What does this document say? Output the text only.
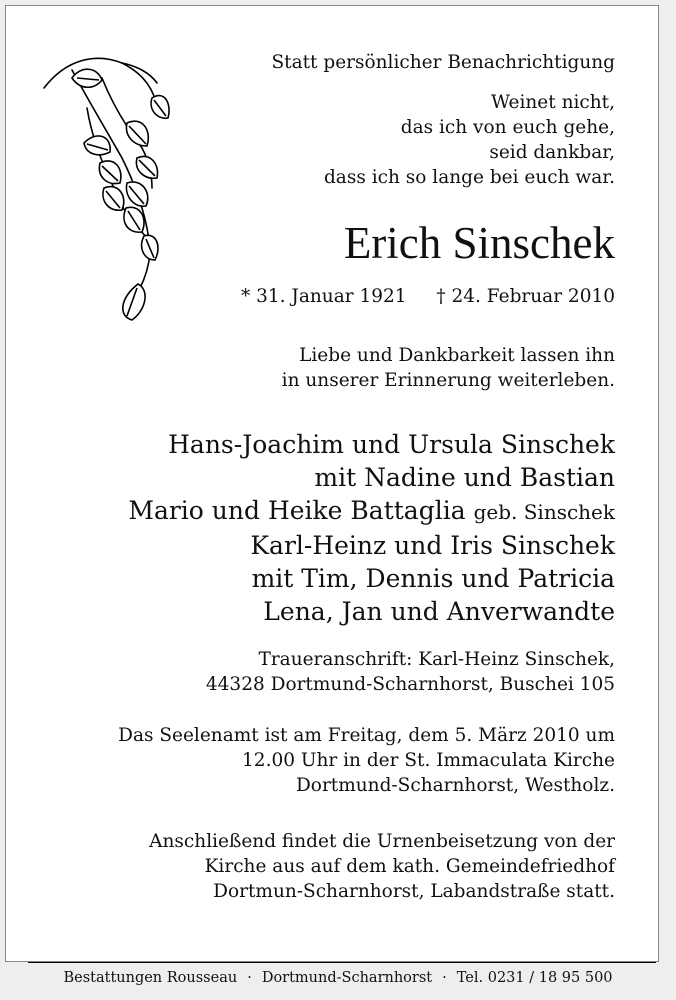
Statt persönlicher Benachrichtigung
Weinet nicht,
das ich von euch gehe,
seid dankbar,
dass ich so lange bei euch war.
Erich Sinschek
* 31. Januar 1921 † 24. Februar 2010
Liebe und Dankbarkeit lassen ihn
in unserer Erinnerung weiterleben.
Hans-Joachim und Ursula Sinschek
mit Nadine und Bastian
Mario und Heike Battaglia geb. Sinschek
Karl-Heinz und Iris Sinschek
mit Tim, Dennis und Patricia
Lena, Jan und Anverwandte
Traueranschrift: Karl-Heinz Sinschek,
44328 Dortmund-Scharnhorst, Buschei 105
Das Seelenamt ist am Freitag, dem 5. März 2010 um
12.00 Uhr in der St. Immaculata Kirche
Dortmund-Scharnhorst, Westholz.
Anschließend findet die Urnenbeisetzung von der
Kirche aus auf dem kath. Gemeindefriedhof
Dortmun-Scharnhorst, Labandstraße statt.
Bestattungen Rousseau · Dortmund-Scharnhorst · Tel. 0231 / 18 95 500
